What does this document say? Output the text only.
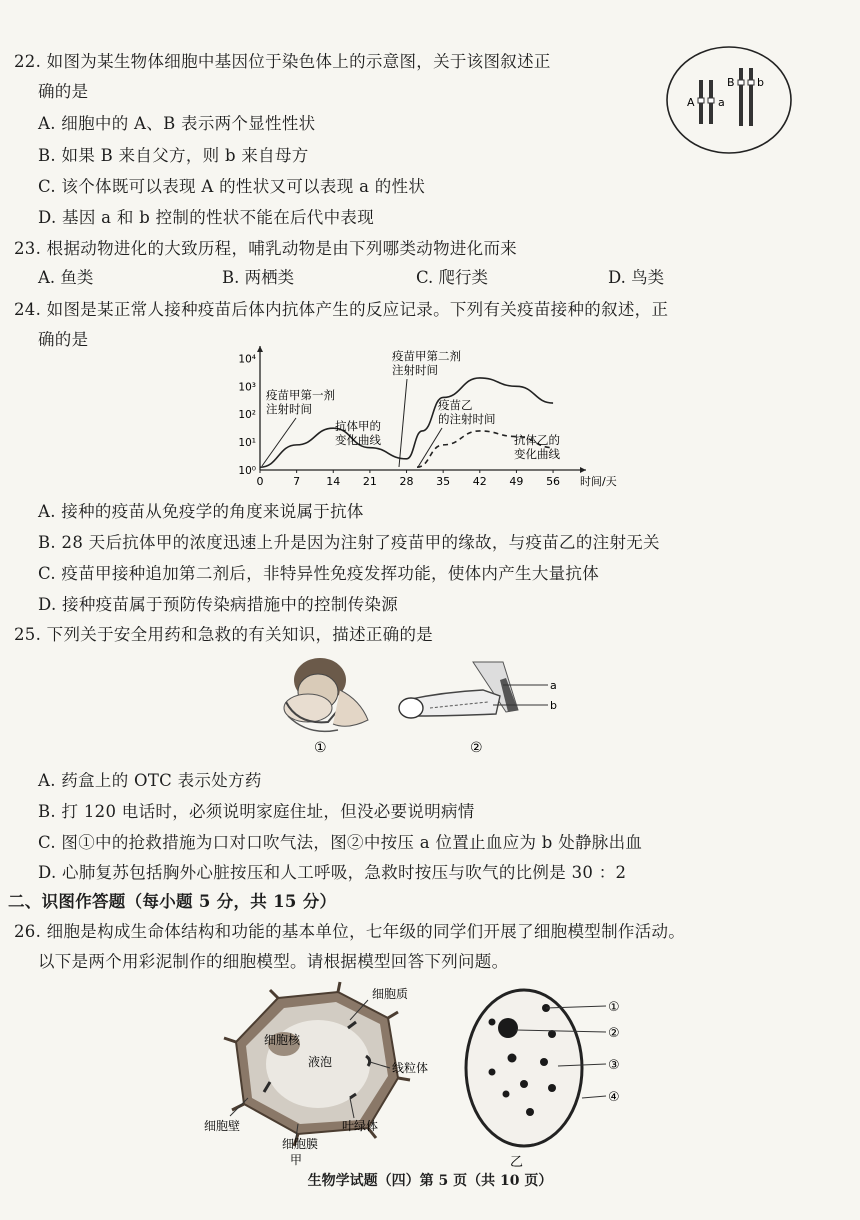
22. 如图为某生物体细胞中基因位于染色体上的示意图，关于该图叙述正
确的是
A. 细胞中的 A、B 表示两个显性性状
B. 如果 B 来自父方，则 b 来自母方
C. 该个体既可以表现 A 的性状又可以表现 a 的性状
D. 基因 a 和 b 控制的性状不能在后代中表现
A a
B b
23. 根据动物进化的大致历程，哺乳动物是由下列哪类动物进化而来
A. 鱼类	B. 两栖类	C. 爬行类	D. 鸟类
24. 如图是某正常人接种疫苗后体内抗体产生的反应记录。下列有关疫苗接种的叙述，正
确的是
0	7 14 21 28 35 42 49 56 时间/天
10⁰
10¹
10²
10³
10⁴
疫苗甲第一剂
注射时间
疫苗甲第二剂
注射时间
疫苗乙
的注射时间
抗体甲的
变化曲线	抗体乙的
变化曲线
A. 接种的疫苗从免疫学的角度来说属于抗体
B. 28 天后抗体甲的浓度迅速上升是因为注射了疫苗甲的缘故，与疫苗乙的注射无关
C. 疫苗甲接种追加第二剂后，非特异性免疫发挥功能，使体内产生大量抗体
D. 接种疫苗属于预防传染病措施中的控制传染源
25. 下列关于安全用药和急救的有关知识，描述正确的是
a
b
①	②
A. 药盒上的 OTC 表示处方药
B. 打 120 电话时，必须说明家庭住址，但没必要说明病情
C. 图①中的抢救措施为口对口吹气法，图②中按压 a 位置止血应为 b 处静脉出血
D. 心肺复苏包括胸外心脏按压和人工呼吸，急救时按压与吹气的比例是 30 ：2
二、识图作答题（每小题 5 分，共 15 分）
26. 细胞是构成生命体结构和功能的基本单位，七年级的同学们开展了细胞模型制作活动。
以下是两个用彩泥制作的细胞模型。请根据模型回答下列问题。
细胞质
细胞核
液泡	线粒体
细胞壁	叶绿体
细胞膜
甲
①
②
③
④
乙
生物学试题（四）第 5 页（共 10 页）
